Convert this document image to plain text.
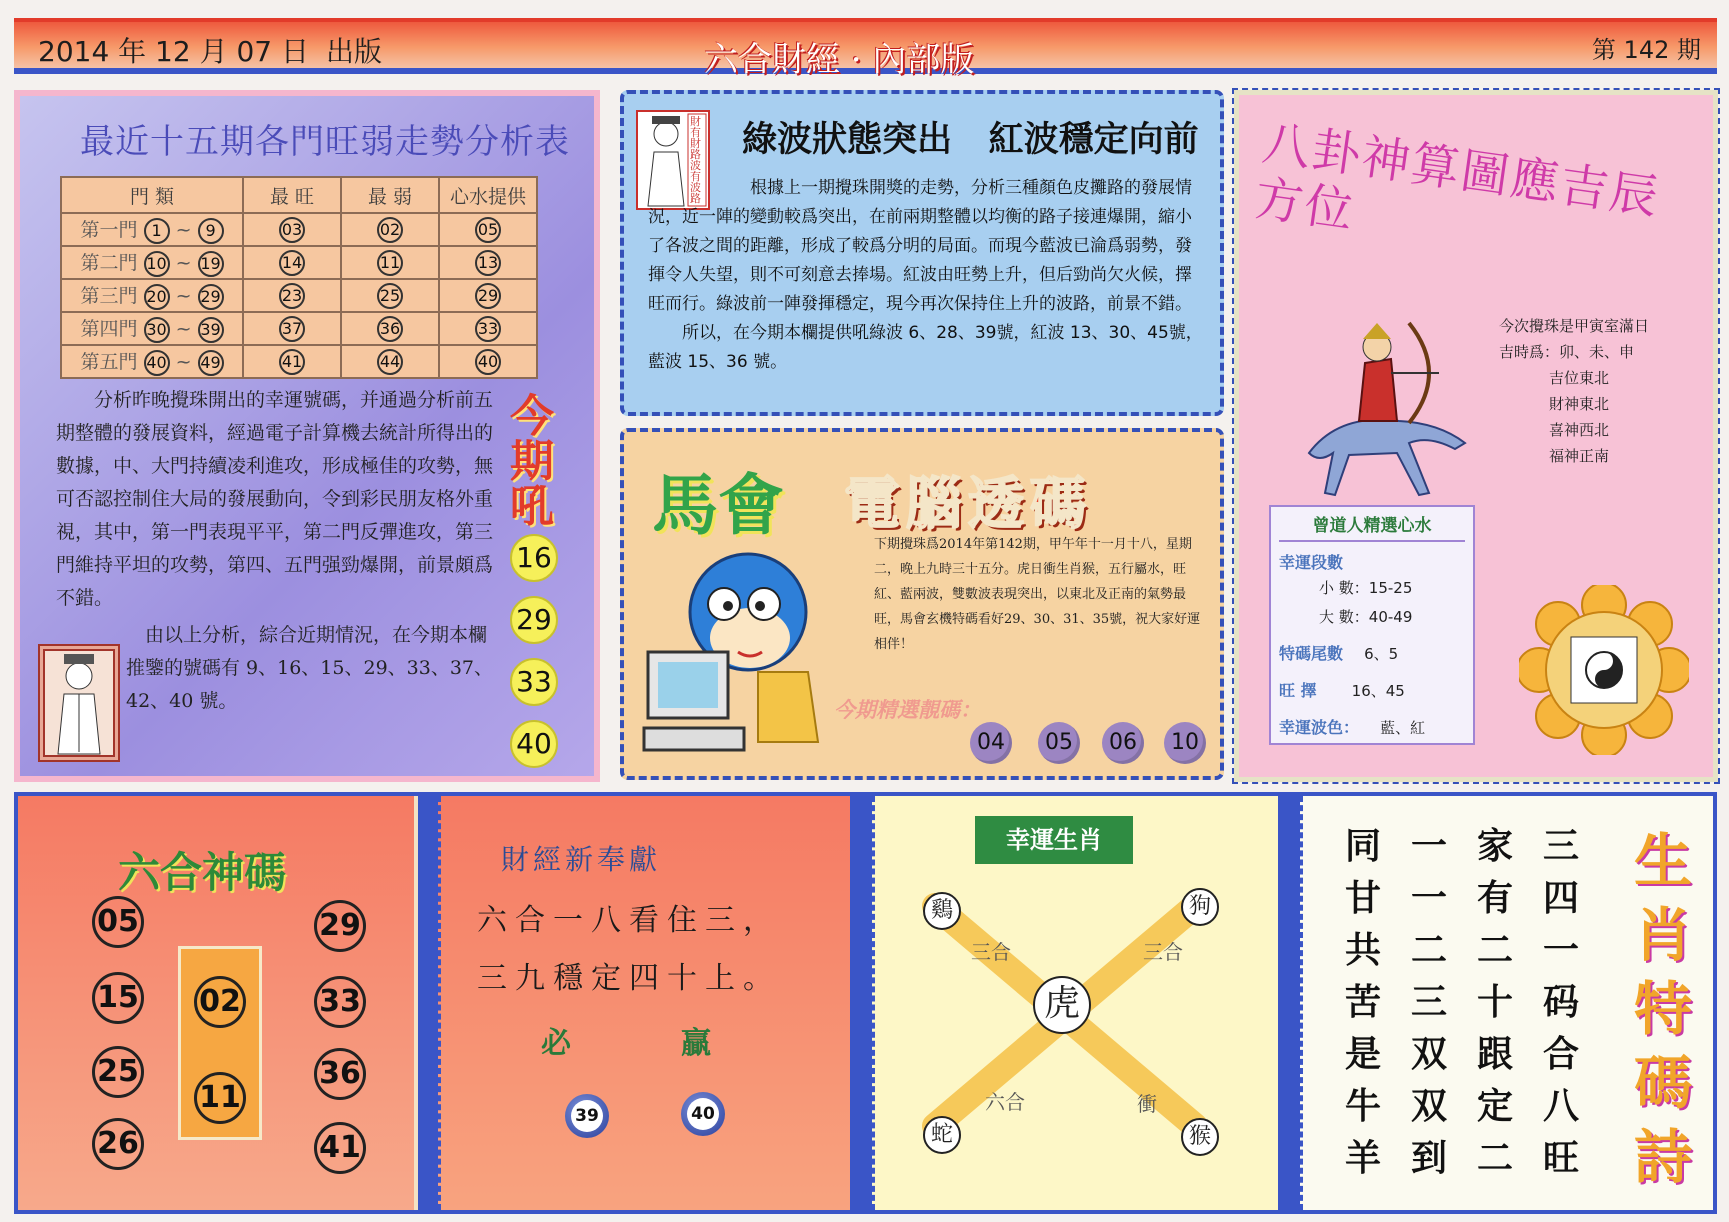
2014 年 12 月 07 日 出版	六合財經 · 內部版	第 142 期
最近十五期各門旺弱走勢分析表
門 類	最 旺	最 弱	心水提供
第一門 1 ~ 9	03	02	05
第二門 10 ~ 19	14	11	13
第三門 20 ~ 29	23	25	29
第四門 30 ~ 39	37	36	33
第五門 40 ~ 49	41	44	40

分析昨晚攪珠開出的幸運號碼，并通過分析前五期整體的發展資料，經過電子計算機去統計所得出的數據，中、大門持續凌利進攻，形成極佳的攻勢，無可否認控制住大局的發展動向，令到彩民朋友格外重視，其中，第一門表現平平，第二門反彈進攻，第三門維持平坦的攻勢，第四、五門强勁爆開，前景頗爲不錯。

由以上分析，綜合近期情況，在今期本欄推鑒的號碼有 9、16、15、29、33、37、42、40 號。

今期吼
16
29
33
40
財有財路 波有波路
綠波狀態突出 紅波穩定向前

根據上一期攪珠開獎的走勢，分析三種顏色皮攤路的發展情況，近一陣的變動較爲突出，在前兩期整體以均衡的路子接連爆開，縮小了各波之間的距離，形成了較爲分明的局面。而現今藍波已淪爲弱勢，發揮令人失望，則不可刻意去捧場。紅波由旺勢上升，但后勁尚欠火候，擇旺而行。綠波前一陣發揮穩定，現今再次保持住上升的波路，前景不錯。

所以，在今期本欄提供吼綠波 6、28、39號，紅波 13、30、45號，藍波 15、36 號。

馬會 電腦透碼
下期攪珠爲2014年第142期，甲午年十一月十八，星期二，晚上九時三十五分。虎日衝生肖猴，五行屬水，旺紅、藍兩波，雙數波表現突出，以東北及正南的氣勢最旺，馬會玄機特碼看好29、30、31、35號，祝大家好運相伴！
今期精選靚碼：
04	05	06	10
八卦神算圖應吉辰方位
今次攪珠是甲寅室滿日
吉時爲：卯、未、申
吉位東北
財神東北
喜神西北
福神正南
曾道人精選心水
幸運段數
小 數：15-25
大 數：40-49
特碼尾數 6、5
旺 擇 16、45
幸運波色： 藍、紅
六合神碼
05
15
25
26
02
11
29
33
36
41
財經新奉獻
六合一八看住三，
三九穩定四十上。
必	贏
39	40
幸運生肖
鷄	狗
蛇	猴
虎
三合	三合
六合	衝
三四一码合八旺
家有二十跟定二
一一二三双双到
同甘共苦是牛羊
生肖特碼詩
